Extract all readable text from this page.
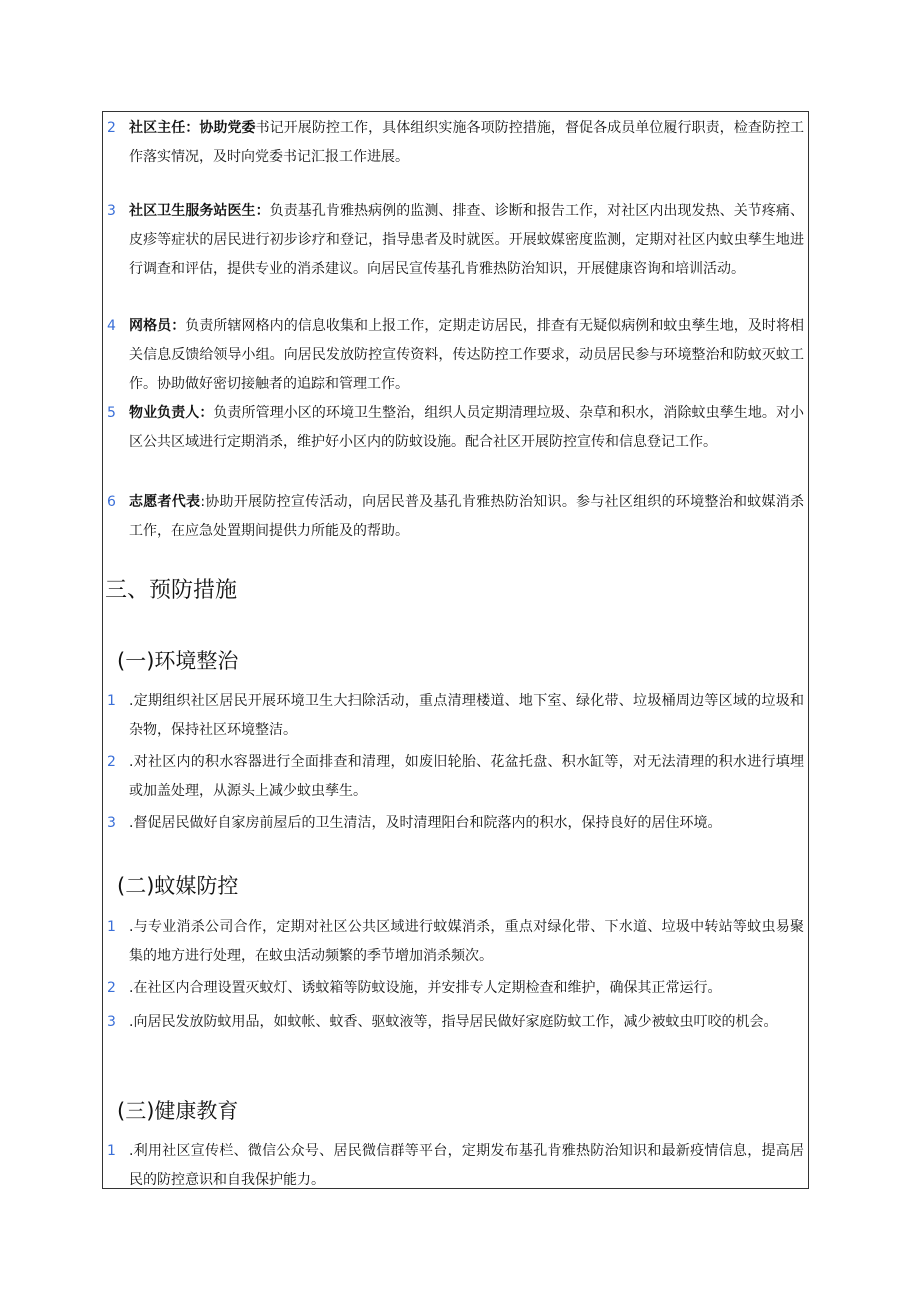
2 社区主任：协助党委书记开展防控工作，具体组织实施各项防控措施，督促各成员单位履行职责，检查防控工作落实情况，及时向党委书记汇报工作进展。
3 社区卫生服务站医生：负责基孔肯雅热病例的监测、排查、诊断和报告工作，对社区内出现发热、关节疼痛、皮疹等症状的居民进行初步诊疗和登记，指导患者及时就医。开展蚊媒密度监测，定期对社区内蚊虫孳生地进行调查和评估，提供专业的消杀建议。向居民宣传基孔肯雅热防治知识，开展健康咨询和培训活动。
4 网格员：负责所辖网格内的信息收集和上报工作，定期走访居民，排查有无疑似病例和蚊虫孳生地，及时将相关信息反馈给领导小组。向居民发放防控宣传资料，传达防控工作要求，动员居民参与环境整治和防蚊灭蚊工作。协助做好密切接触者的追踪和管理工作。
5 物业负责人：负责所管理小区的环境卫生整治，组织人员定期清理垃圾、杂草和积水，消除蚊虫孳生地。对小区公共区域进行定期消杀，维护好小区内的防蚊设施。配合社区开展防控宣传和信息登记工作。
6 志愿者代表:协助开展防控宣传活动，向居民普及基孔肯雅热防治知识。参与社区组织的环境整治和蚊媒消杀工作，在应急处置期间提供力所能及的帮助。
三、预防措施
(一)环境整治
1 .定期组织社区居民开展环境卫生大扫除活动，重点清理楼道、地下室、绿化带、垃圾桶周边等区域的垃圾和杂物，保持社区环境整洁。
2 .对社区内的积水容器进行全面排查和清理，如废旧轮胎、花盆托盘、积水缸等，对无法清理的积水进行填埋或加盖处理，从源头上减少蚊虫孳生。
3 .督促居民做好自家房前屋后的卫生清洁，及时清理阳台和院落内的积水，保持良好的居住环境。
(二)蚊媒防控
1 .与专业消杀公司合作，定期对社区公共区域进行蚊媒消杀，重点对绿化带、下水道、垃圾中转站等蚊虫易聚集的地方进行处理，在蚊虫活动频繁的季节增加消杀频次。
2 .在社区内合理设置灭蚊灯、诱蚊箱等防蚊设施，并安排专人定期检查和维护，确保其正常运行。
3 .向居民发放防蚊用品，如蚊帐、蚊香、驱蚊液等，指导居民做好家庭防蚊工作，减少被蚊虫叮咬的机会。
(三)健康教育
1 .利用社区宣传栏、微信公众号、居民微信群等平台，定期发布基孔肯雅热防治知识和最新疫情信息，提高居民的防控意识和自我保护能力。
